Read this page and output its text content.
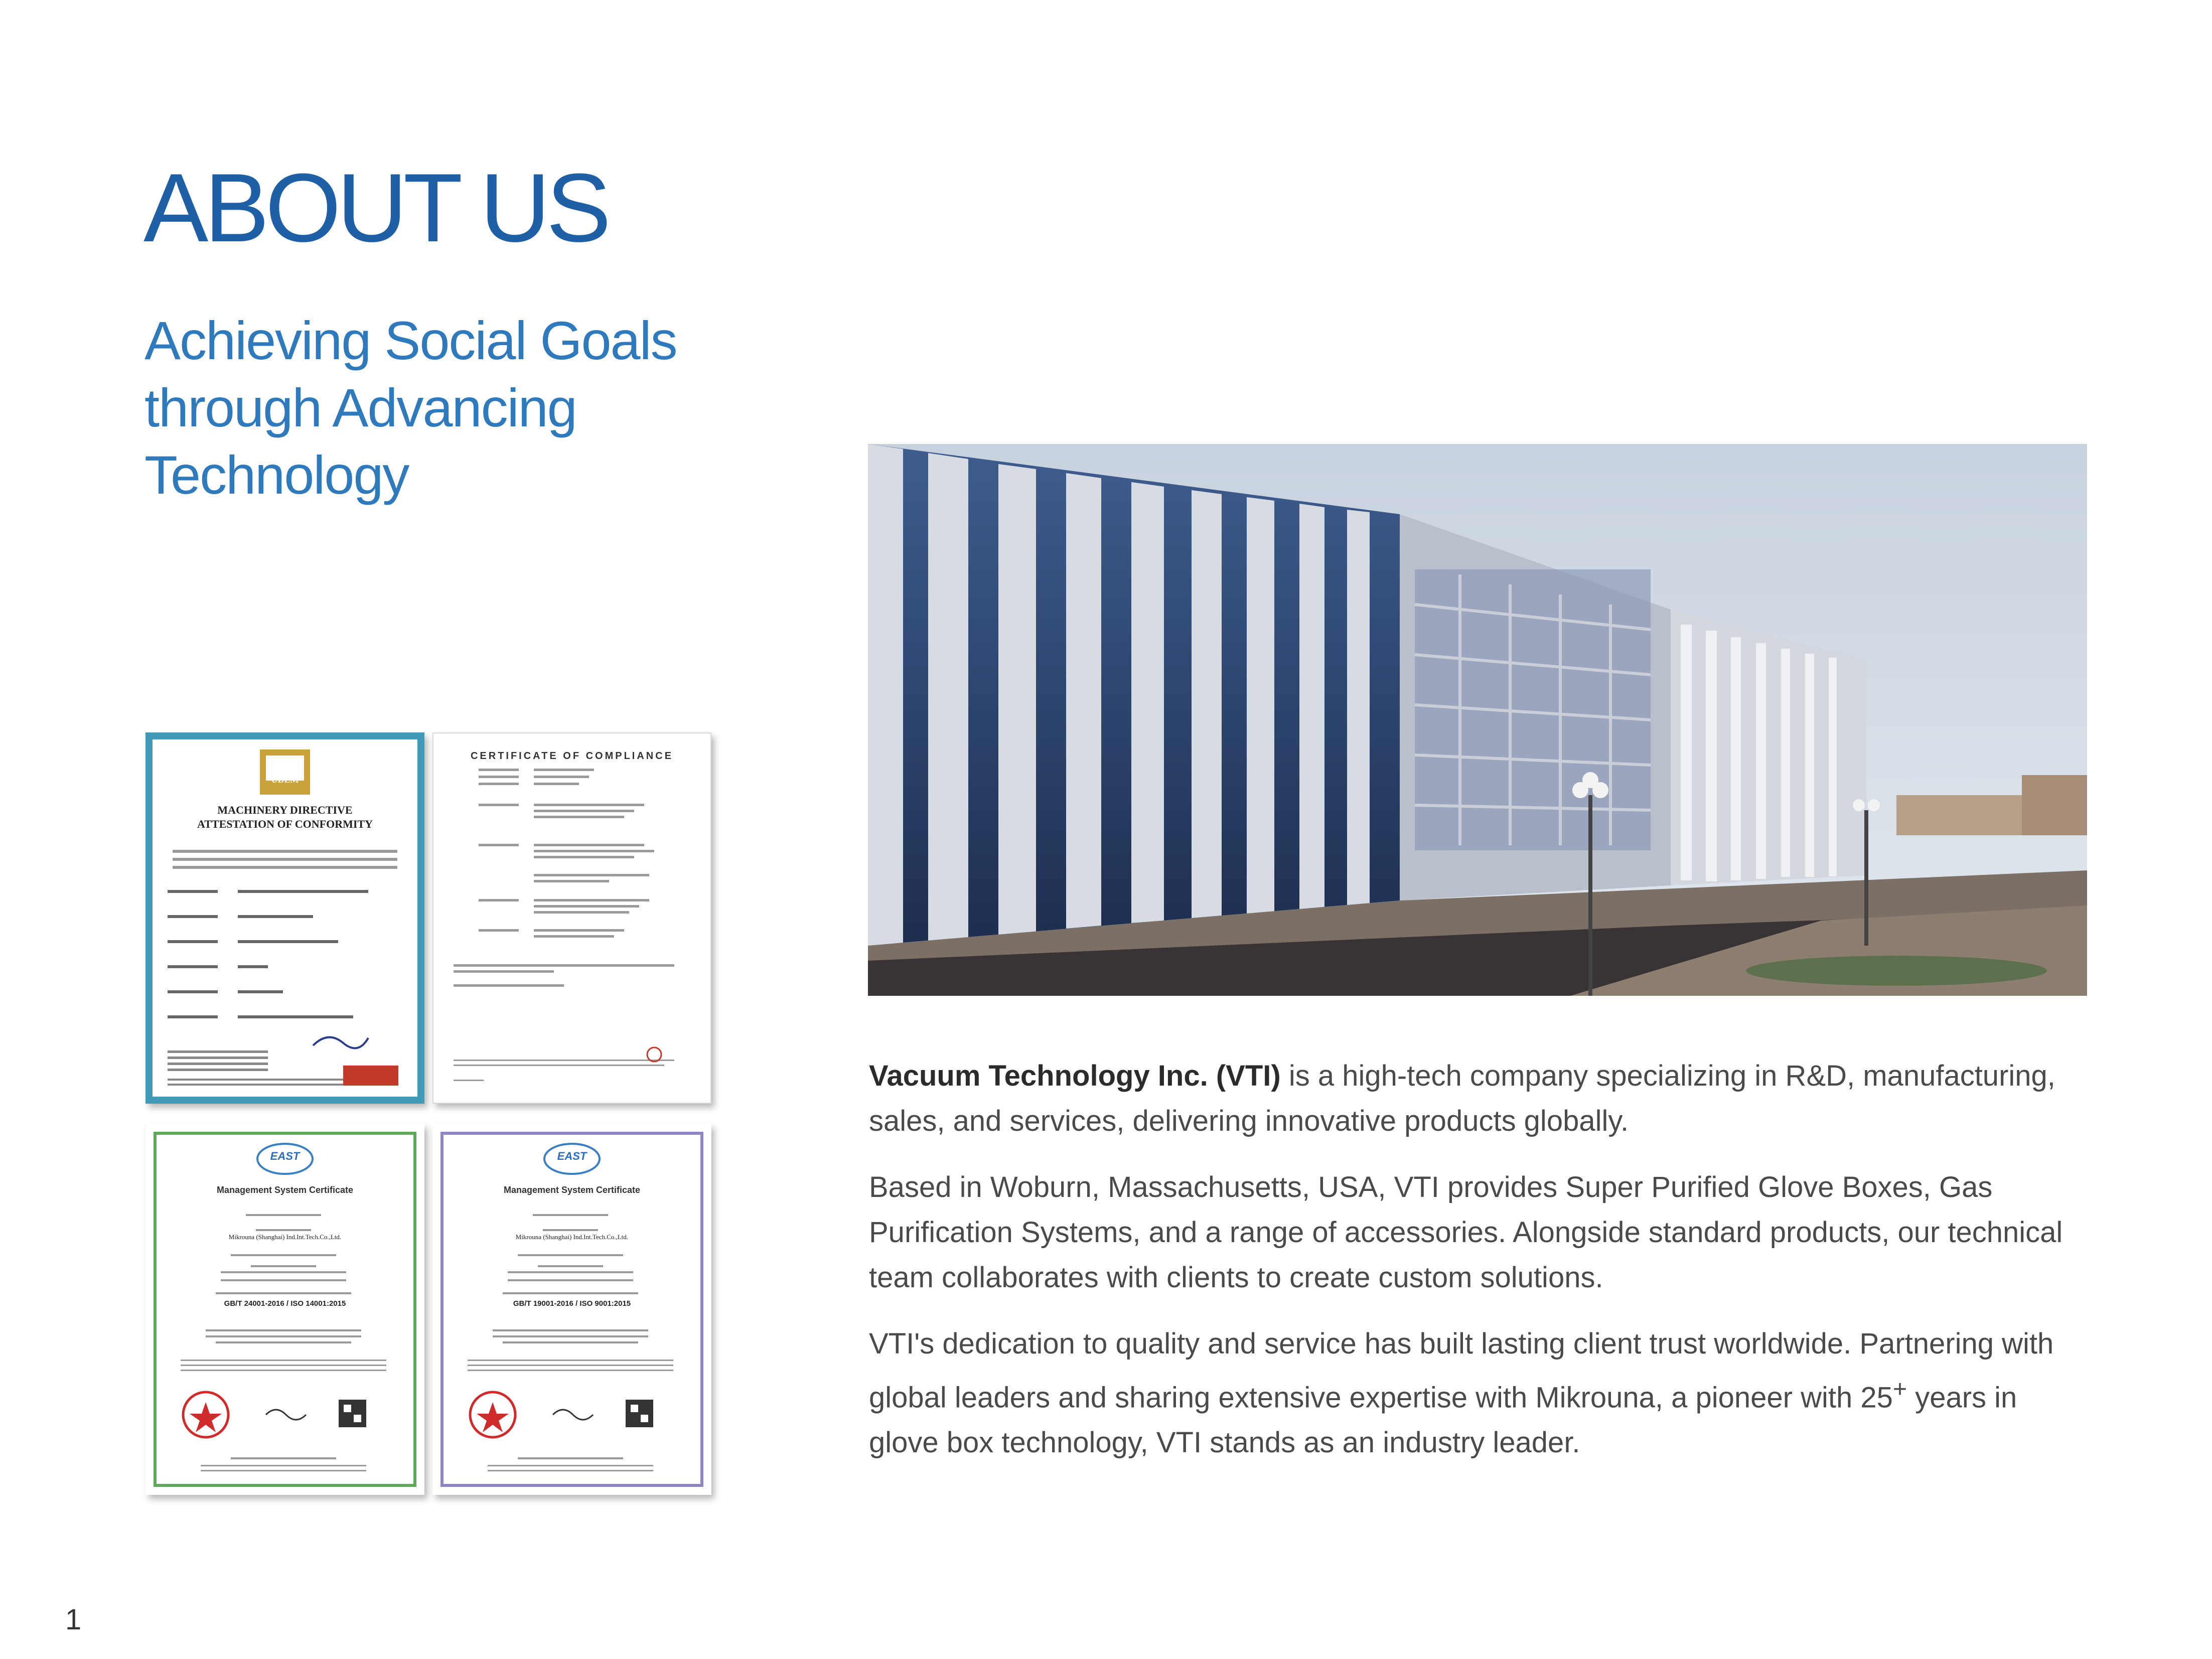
ABOUT US
Achieving Social Goals
through Advancing
Technology

Vacuum Technology Inc. (VTI) is a high-tech company specializing in R&D, manufacturing, sales, and services, delivering innovative products globally.

Based in Woburn, Massachusetts, USA, VTI provides Super Purified Glove Boxes, Gas Purification Systems, and a range of accessories. Alongside standard products, our technical team collaborates with clients to create custom solutions.

VTI's dedication to quality and service has built lasting client trust worldwide. Partnering with global leaders and sharing extensive expertise with Mikrouna, a pioneer with 25+ years in glove box technology, VTI stands as an industry leader.

UDEM
MACHINERY DIRECTIVE
ATTESTATION OF CONFORMITY
CERTIFICATE OF COMPLIANCE
EAST
Management System Certificate
Mikrouna (Shanghai) Ind.Int.Tech.Co.,Ltd.
GB/T 24001-2016 / ISO 14001:2015
EAST
Management System Certificate
Mikrouna (Shanghai) Ind.Int.Tech.Co.,Ltd.
GB/T 19001-2016 / ISO 9001:2015
1
